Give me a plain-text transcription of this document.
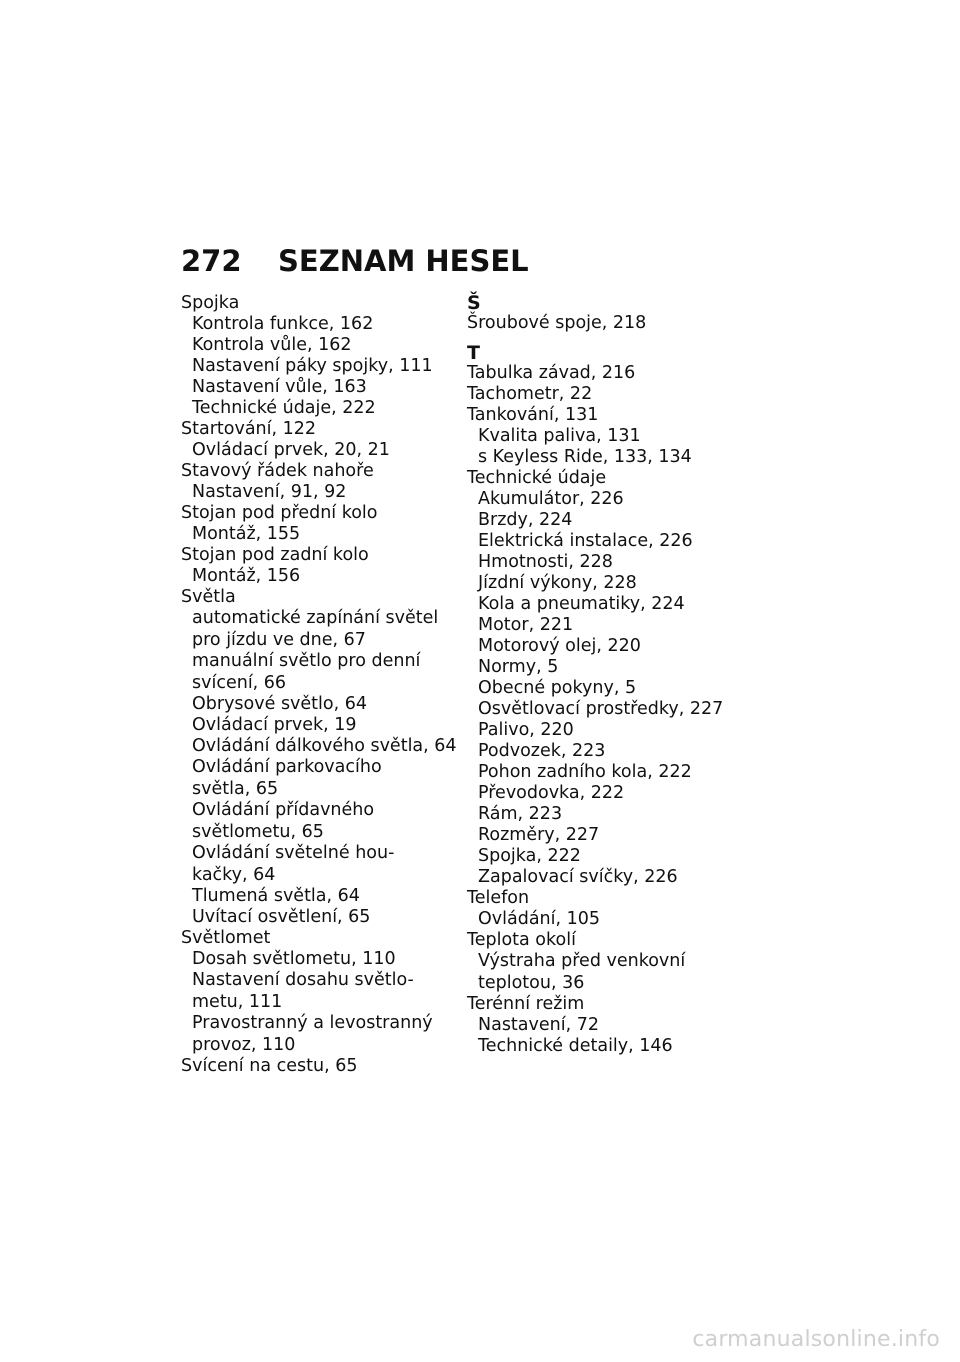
272	SEZNAM HESEL
Spojka
Kontrola funkce, 162
Kontrola vůle, 162
Nastavení páky spojky, 111
Nastavení vůle, 163
Technické údaje, 222
Startování, 122
Ovládací prvek, 20, 21
Stavový řádek nahoře
Nastavení, 91, 92
Stojan pod přední kolo
Montáž, 155
Stojan pod zadní kolo
Montáž, 156
Světla
automatické zapínání světel
pro jízdu ve dne, 67
manuální světlo pro denní
svícení, 66
Obrysové světlo, 64
Ovládací prvek, 19
Ovládání dálkového světla, 64
Ovládání parkovacího
světla, 65
Ovládání přídavného
světlometu, 65
Ovládání světelné hou-
kačky, 64
Tlumená světla, 64
Uvítací osvětlení, 65
Světlomet
Dosah světlometu, 110
Nastavení dosahu světlo-
metu, 111
Pravostranný a levostranný
provoz, 110
Svícení na cestu, 65
Š
Šroubové spoje, 218
T
Tabulka závad, 216
Tachometr, 22
Tankování, 131
Kvalita paliva, 131
s Keyless Ride, 133, 134
Technické údaje
Akumulátor, 226
Brzdy, 224
Elektrická instalace, 226
Hmotnosti, 228
Jízdní výkony, 228
Kola a pneumatiky, 224
Motor, 221
Motorový olej, 220
Normy, 5
Obecné pokyny, 5
Osvětlovací prostředky, 227
Palivo, 220
Podvozek, 223
Pohon zadního kola, 222
Převodovka, 222
Rám, 223
Rozměry, 227
Spojka, 222
Zapalovací svíčky, 226
Telefon
Ovládání, 105
Teplota okolí
Výstraha před venkovní
teplotou, 36
Terénní režim
Nastavení, 72
Technické detaily, 146
carmanualsonline.info
